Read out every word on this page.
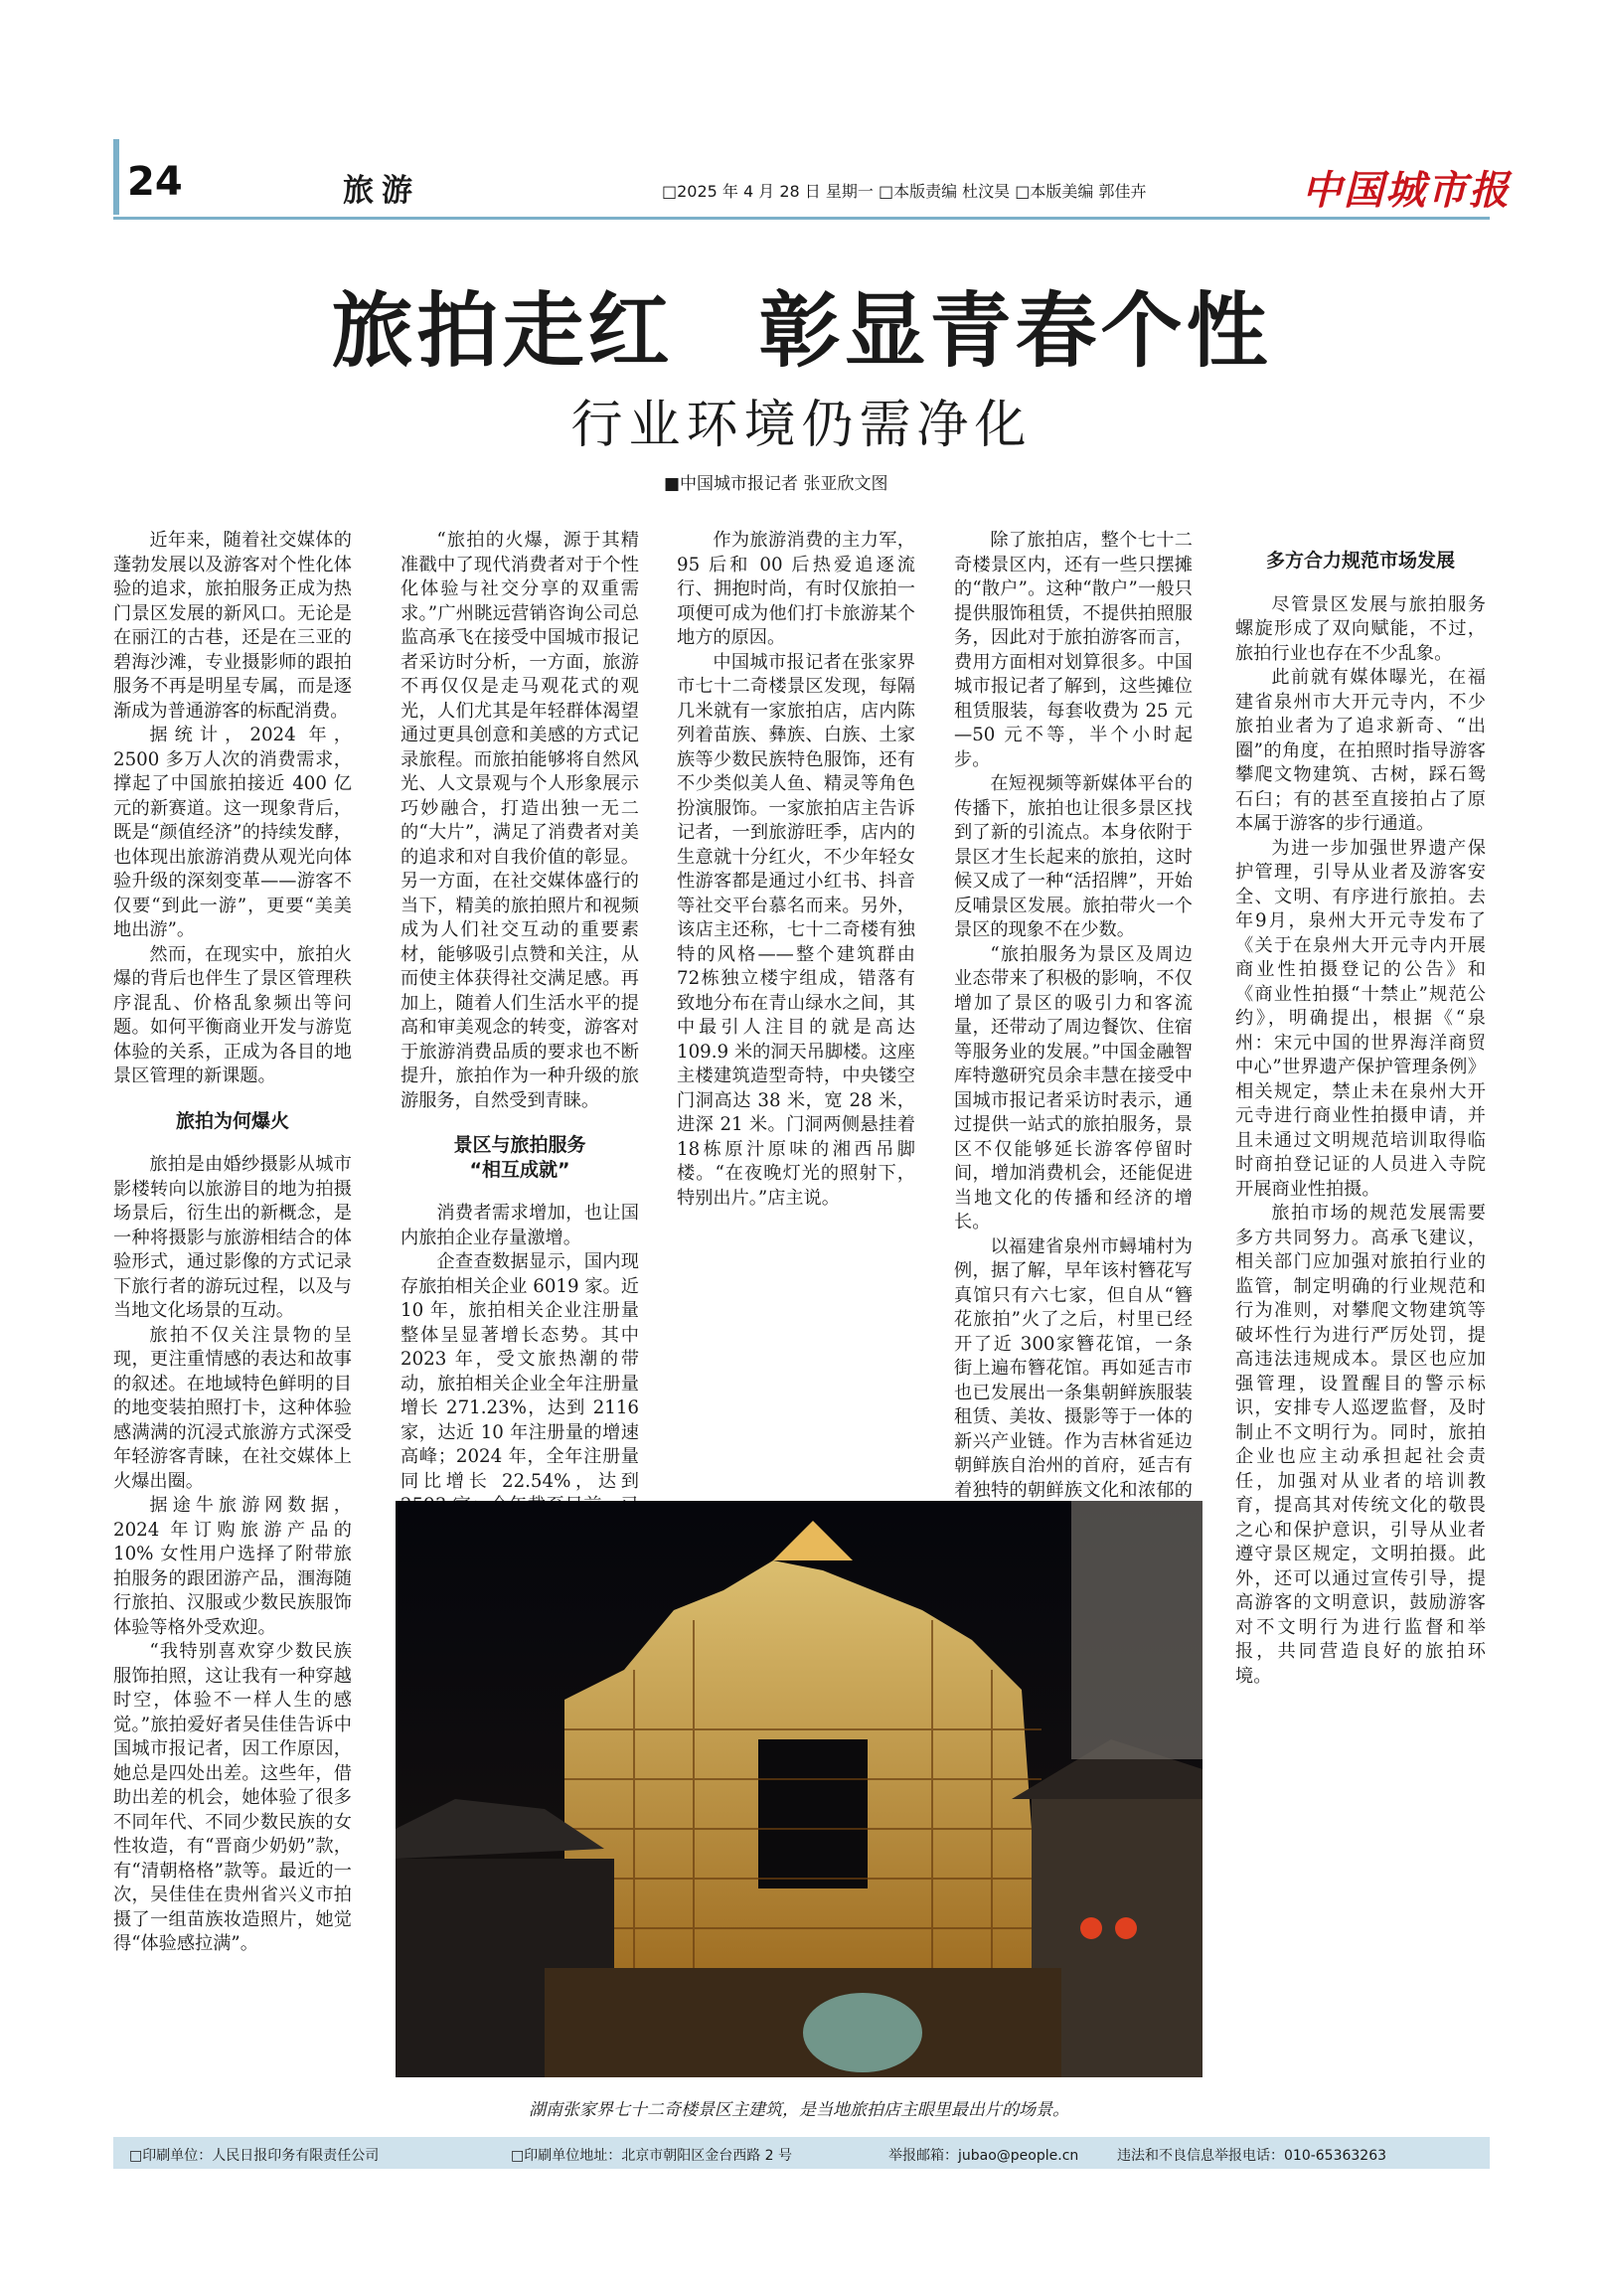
24	旅游	□2025 年 4 月 28 日 星期一 □本版责编 杜汶昊 □本版美编 郭佳卉	中国城市报
旅拍走红　彰显青春个性
行业环境仍需净化
■中国城市报记者 张亚欣文图

近年来，随着社交媒体的蓬勃发展以及游客对个性化体验的追求，旅拍服务正成为热门景区发展的新风口。无论是在丽江的古巷，还是在三亚的碧海沙滩，专业摄影师的跟拍服务不再是明星专属，而是逐渐成为普通游客的标配消费。

据统计，2024 年，2500 多万人次的消费需求，撑起了中国旅拍接近 400 亿元的新赛道。这一现象背后，既是“颜值经济”的持续发酵，也体现出旅游消费从观光向体验升级的深刻变革——游客不仅要“到此一游”，更要“美美地出游”。

然而，在现实中，旅拍火爆的背后也伴生了景区管理秩序混乱、价格乱象频出等问题。如何平衡商业开发与游览体验的关系，正成为各目的地景区管理的新课题。

旅拍为何爆火

旅拍是由婚纱摄影从城市影楼转向以旅游目的地为拍摄场景后，衍生出的新概念，是一种将摄影与旅游相结合的体验形式，通过影像的方式记录下旅行者的游玩过程，以及与当地文化场景的互动。

旅拍不仅关注景物的呈现，更注重情感的表达和故事的叙述。在地域特色鲜明的目的地变装拍照打卡，这种体验感满满的沉浸式旅游方式深受年轻游客青睐，在社交媒体上火爆出圈。

据途牛旅游网数据，2024 年订购旅游产品的 10% 女性用户选择了附带旅拍服务的跟团游产品，涠海随行旅拍、汉服或少数民族服饰体验等格外受欢迎。

“我特别喜欢穿少数民族服饰拍照，这让我有一种穿越时空，体验不一样人生的感觉。”旅拍爱好者吴佳佳告诉中国城市报记者，因工作原因，她总是四处出差。这些年，借助出差的机会，她体验了很多不同年代、不同少数民族的女性妆造，有“晋商少奶奶”款，有“清朝格格”款等。最近的一次，吴佳佳在贵州省兴义市拍摄了一组苗族妆造照片，她觉得“体验感拉满”。

“旅拍的火爆，源于其精准戳中了现代消费者对于个性化体验与社交分享的双重需求。”广州眺远营销咨询公司总监高承飞在接受中国城市报记者采访时分析，一方面，旅游不再仅仅是走马观花式的观光，人们尤其是年轻群体渴望通过更具创意和美感的方式记录旅程。而旅拍能够将自然风光、人文景观与个人形象展示巧妙融合，打造出独一无二的“大片”，满足了消费者对美的追求和对自我价值的彰显。另一方面，在社交媒体盛行的当下，精美的旅拍照片和视频成为人们社交互动的重要素材，能够吸引点赞和关注，从而使主体获得社交满足感。再加上，随着人们生活水平的提高和审美观念的转变，游客对于旅游消费品质的要求也不断提升，旅拍作为一种升级的旅游服务，自然受到青睐。

景区与旅拍服务
“相互成就”

消费者需求增加，也让国内旅拍企业存量激增。

企查查数据显示，国内现存旅拍相关企业 6019 家。近 10 年，旅拍相关企业注册量整体呈显著增长态势。其中2023 年，受文旅热潮的带动，旅拍相关企业全年注册量增长 271.23%，达到 2116 家，达近 10 年注册量的增速高峰；2024 年，全年注册量同比增长 22.54%，达到

作为旅游消费的主力军，95 后和 00 后热爱追逐流行、拥抱时尚，有时仅旅拍一项便可成为他们打卡旅游某个地方的原因。

中国城市报记者在张家界市七十二奇楼景区发现，每隔几米就有一家旅拍店，店内陈列着苗族、彝族、白族、土家族等少数民族特色服饰，还有不少类似美人鱼、精灵等角色扮演服饰。一家旅拍店主告诉记者，一到旅游旺季，店内的生意就十分红火，不少年轻女性游客都是通过小红书、抖音等社交平台慕名而来。另外，该店主还称，七十二奇楼有独特的风格——整个建筑群由72栋独立楼宇组成，错落有致地分布在青山绿水之间，其中最引人注目的就是高达 109.9 米的洞天吊脚楼。这座主楼建筑造型奇特，中央镂空门洞高达 38 米，宽 28 米，进深 21 米。门洞两侧悬挂着18栋原汁原味的湘西吊脚楼。“在夜晚灯光的照射下，特别出片。”店主说。

除了旅拍店，整个七十二奇楼景区内，还有一些只摆摊的“散户”。这种“散户”一般只提供服饰租赁，不提供拍照服务，因此对于旅拍游客而言，费用方面相对划算很多。中国城市报记者了解到，这些摊位租赁服装，每套收费为 25 元—50 元不等，半个小时起步。

在短视频等新媒体平台的传播下，旅拍也让很多景区找到了新的引流点。本身依附于景区才生长起来的旅拍，这时候又成了一种“活招牌”，开始反哺景区发展。旅拍带火一个景区的现象不在少数。

“旅拍服务为景区及周边业态带来了积极的影响，不仅增加了景区的吸引力和客流量，还带动了周边餐饮、住宿等服务业的发展。”中国金融智库特邀研究员余丰慧在接受中国城市报记者采访时表示，通过提供一站式的旅拍服务，景区不仅能够延长游客停留时间，增加消费机会，还能促进当地文化的传播和经济的增长。

以福建省泉州市蟳埔村为例，据了解，早年该村簪花写真馆只有六七家，但自从“簪花旅拍”火了之后，村里已经开了近 300家簪花馆，一条街上遍布簪花馆。再如延吉市也已发展出一条集朝鲜族服装租赁、美妆、摄影等于一体的新兴产业链。作为吉林省延边朝鲜族自治州的首府，延吉有着独特的朝鲜族文化和浓郁的

多方合力规范市场发展

尽管景区发展与旅拍服务螺旋形成了双向赋能，不过，旅拍行业也存在不少乱象。

此前就有媒体曝光，在福建省泉州市大开元寺内，不少旅拍业者为了追求新奇、“出圈”的角度，在拍照时指导游客攀爬文物建筑、古树，踩石鸳石臼；有的甚至直接拍占了原本属于游客的步行通道。

为进一步加强世界遗产保护管理，引导从业者及游客安全、文明、有序进行旅拍。去年9月，泉州大开元寺发布了《关于在泉州大开元寺内开展商业性拍摄登记的公告》和《商业性拍摄“十禁止”规范公约》，明确提出，根据《“泉州：宋元中国的世界海洋商贸中心”世界遗产保护管理条例》相关规定，禁止未在泉州大开元寺进行商业性拍摄申请，并且未通过文明规范培训取得临时商拍登记证的人员进入寺院开展商业性拍摄。

旅拍市场的规范发展需要多方共同努力。高承飞建议，相关部门应加强对旅拍行业的监管，制定明确的行业规范和行为准则，对攀爬文物建筑等破坏性行为进行严厉处罚，提高违法违规成本。景区也应加强管理，设置醒目的警示标识，安排专人巡逻监督，及时制止不文明行为。同时，旅拍企业也应主动承担起社会责任，加强对从业者的培训教育，提高其对传统文化的敬畏之心和保护意识，引导从业者遵守景区规定，文明拍摄。此外，还可以通过宣传引导，提高游客的文明意识，鼓励游客对不文明行为进行监督和举报，共同营造良好的旅拍环境。

湖南张家界七十二奇楼景区主建筑，是当地旅拍店主眼里最出片的场景。
□印刷单位：人民日报印务有限责任公司	□印刷单位地址：北京市朝阳区金台西路 2 号	举报邮箱：jubao@people.cn	违法和不良信息举报电话：010-65363263
